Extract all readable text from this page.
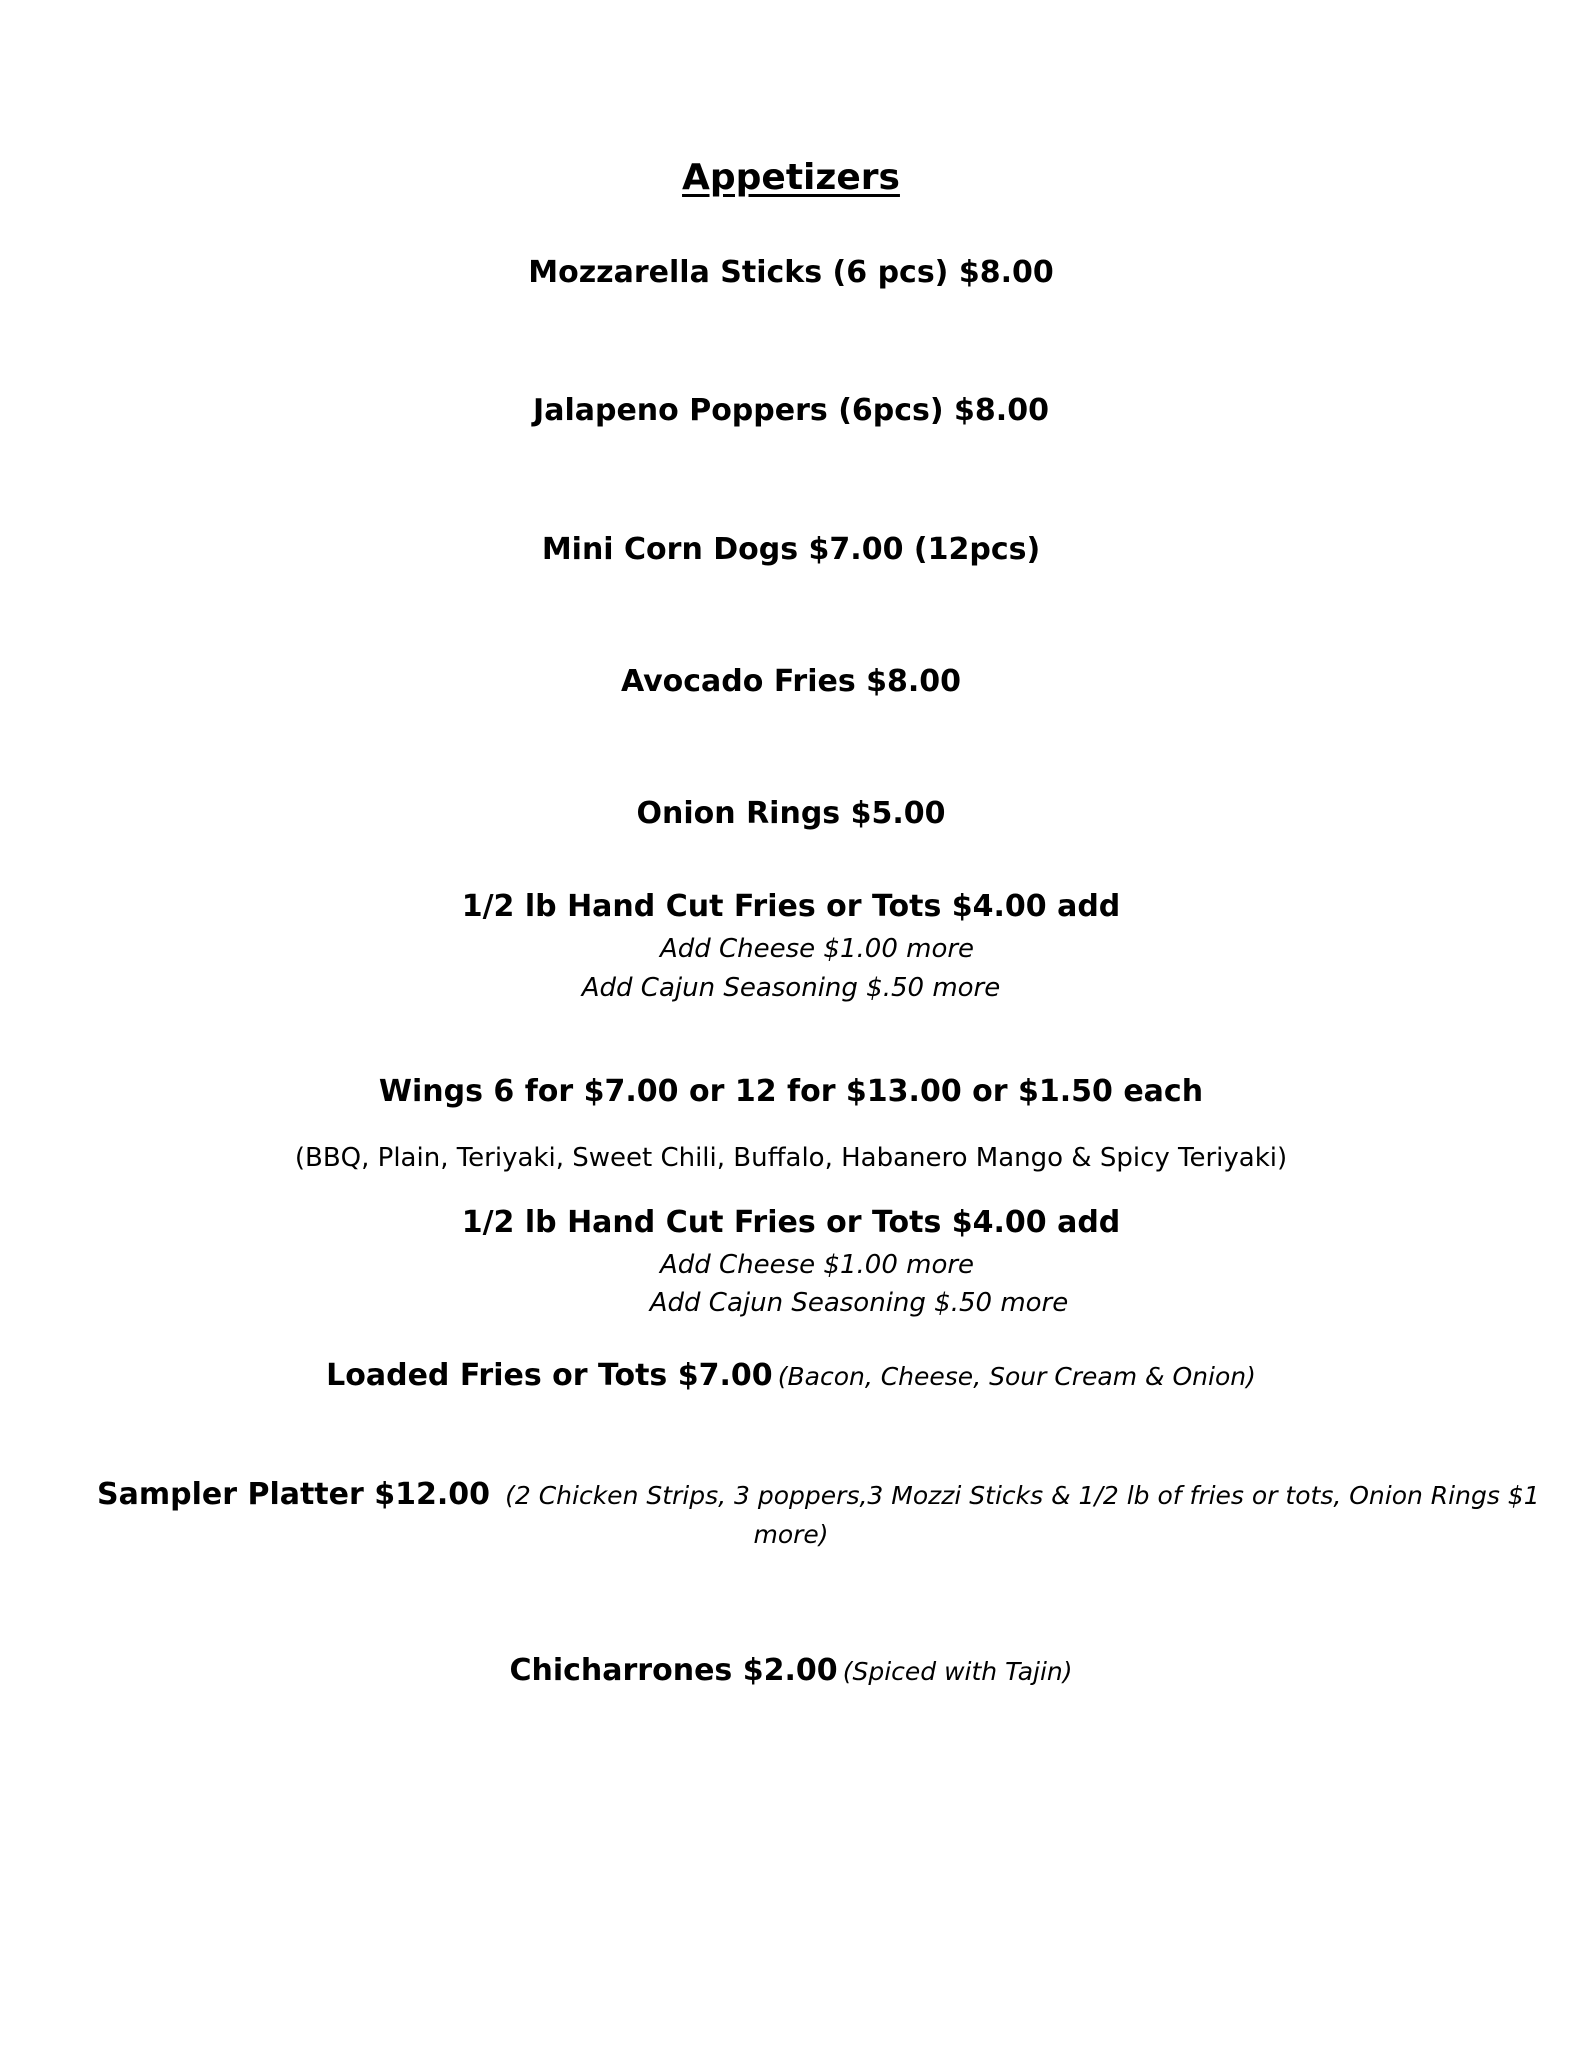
Appetizers
Mozzarella Sticks (6 pcs) $8.00
Jalapeno Poppers (6pcs) $8.00
Mini Corn Dogs $7.00 (12pcs)
Avocado Fries $8.00
Onion Rings $5.00
1/2 lb Hand Cut Fries or Tots $4.00 add
Add Cheese $1.00 more
Add Cajun Seasoning $.50 more
Wings 6 for $7.00 or 12 for $13.00 or $1.50 each
(BBQ, Plain, Teriyaki, Sweet Chili, Buffalo, Habanero Mango & Spicy Teriyaki)
1/2 lb Hand Cut Fries or Tots $4.00 add
Add Cheese $1.00 more
Add Cajun Seasoning $.50 more
Loaded Fries or Tots $7.00 (Bacon, Cheese, Sour Cream & Onion)
Sampler Platter $12.00 (2 Chicken Strips, 3 poppers,3 Mozzi Sticks & 1/2 lb of fries or tots, Onion Rings $1
more)
Chicharrones $2.00 (Spiced with Tajin)
